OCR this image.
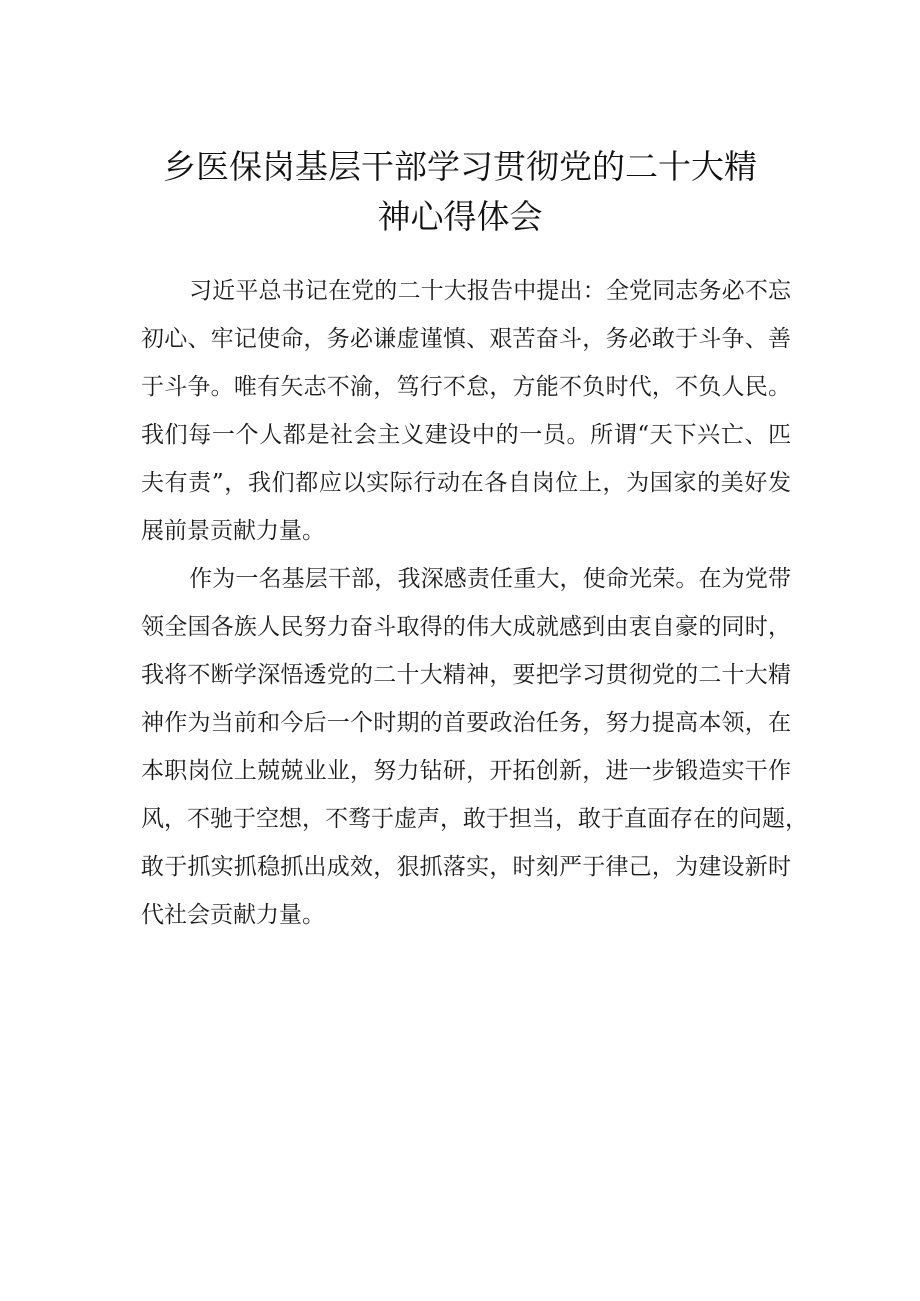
乡医保岗基层干部学习贯彻党的二十大精
神心得体会
习近平总书记在党的二十大报告中提出：全党同志务必不忘
初心、牢记使命，务必谦虚谨慎、艰苦奋斗，务必敢于斗争、善
于斗争。唯有矢志不渝，笃行不怠，方能不负时代，不负人民。
我们每一个人都是社会主义建设中的一员。所谓“天下兴亡、匹
夫有责”，我们都应以实际行动在各自岗位上，为国家的美好发
展前景贡献力量。
作为一名基层干部，我深感责任重大，使命光荣。在为党带
领全国各族人民努力奋斗取得的伟大成就感到由衷自豪的同时，
我将不断学深悟透党的二十大精神，要把学习贯彻党的二十大精
神作为当前和今后一个时期的首要政治任务，努力提高本领，在
本职岗位上兢兢业业，努力钻研，开拓创新，进一步锻造实干作
风，不驰于空想，不骛于虚声，敢于担当，敢于直面存在的问题，
敢于抓实抓稳抓出成效，狠抓落实，时刻严于律己，为建设新时
代社会贡献力量。
